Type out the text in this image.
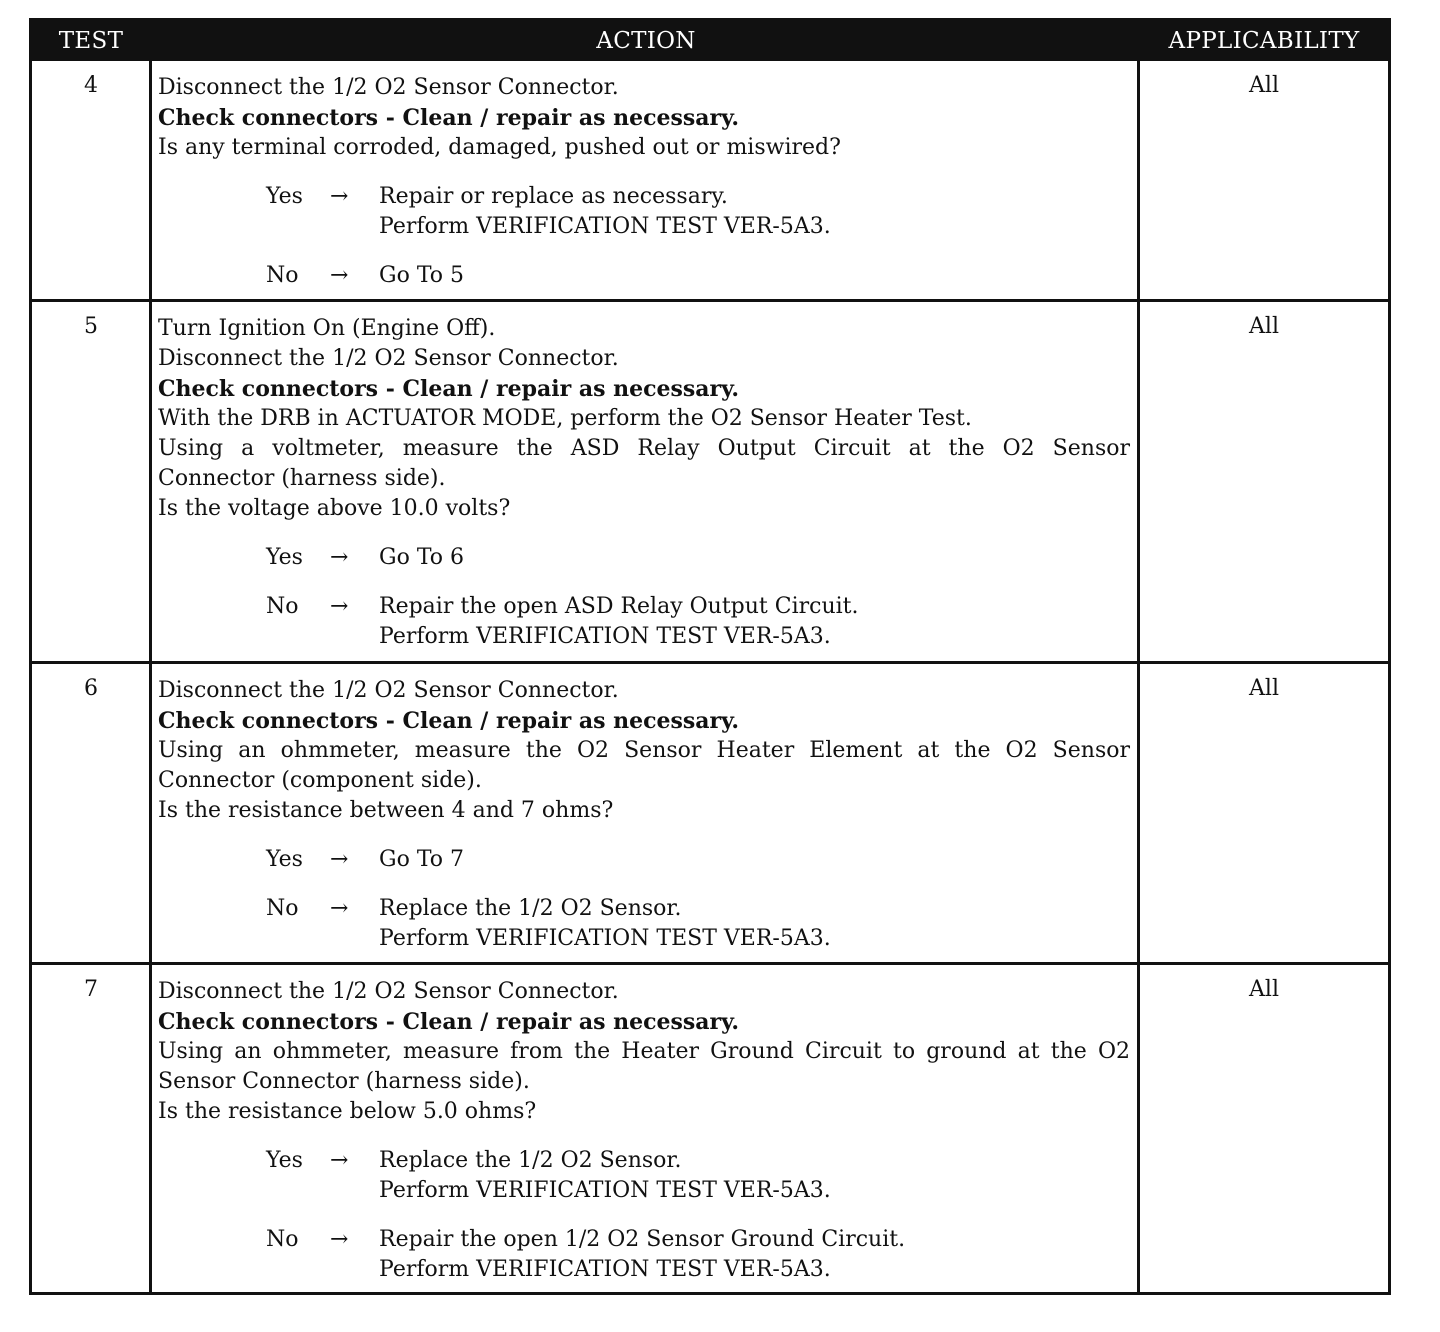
TEST	ACTION	APPLICABILITY
4	Disconnect the 1/2 O2 Sensor Connector.
Check connectors - Clean / repair as necessary.
Is any terminal corroded, damaged, pushed out or miswired?
Yes → Repair or replace as necessary.
Perform VERIFICATION TEST VER-5A3.
No → Go To 5
All
5	Turn Ignition On (Engine Off).
Disconnect the 1/2 O2 Sensor Connector.
Check connectors - Clean / repair as necessary.
With the DRB in ACTUATOR MODE, perform the O2 Sensor Heater Test.
Using a voltmeter, measure the ASD Relay Output Circuit at the O2 Sensor
Connector (harness side).
Is the voltage above 10.0 volts?
Yes → Go To 6
No → Repair the open ASD Relay Output Circuit.
Perform VERIFICATION TEST VER-5A3.
All
6	Disconnect the 1/2 O2 Sensor Connector.
Check connectors - Clean / repair as necessary.
Using an ohmmeter, measure the O2 Sensor Heater Element at the O2 Sensor
Connector (component side).
Is the resistance between 4 and 7 ohms?
Yes → Go To 7
No → Replace the 1/2 O2 Sensor.
Perform VERIFICATION TEST VER-5A3.
All
7	Disconnect the 1/2 O2 Sensor Connector.
Check connectors - Clean / repair as necessary.
Using an ohmmeter, measure from the Heater Ground Circuit to ground at the O2
Sensor Connector (harness side).
Is the resistance below 5.0 ohms?
Yes → Replace the 1/2 O2 Sensor.
Perform VERIFICATION TEST VER-5A3.
No → Repair the open 1/2 O2 Sensor Ground Circuit.
Perform VERIFICATION TEST VER-5A3.
All
